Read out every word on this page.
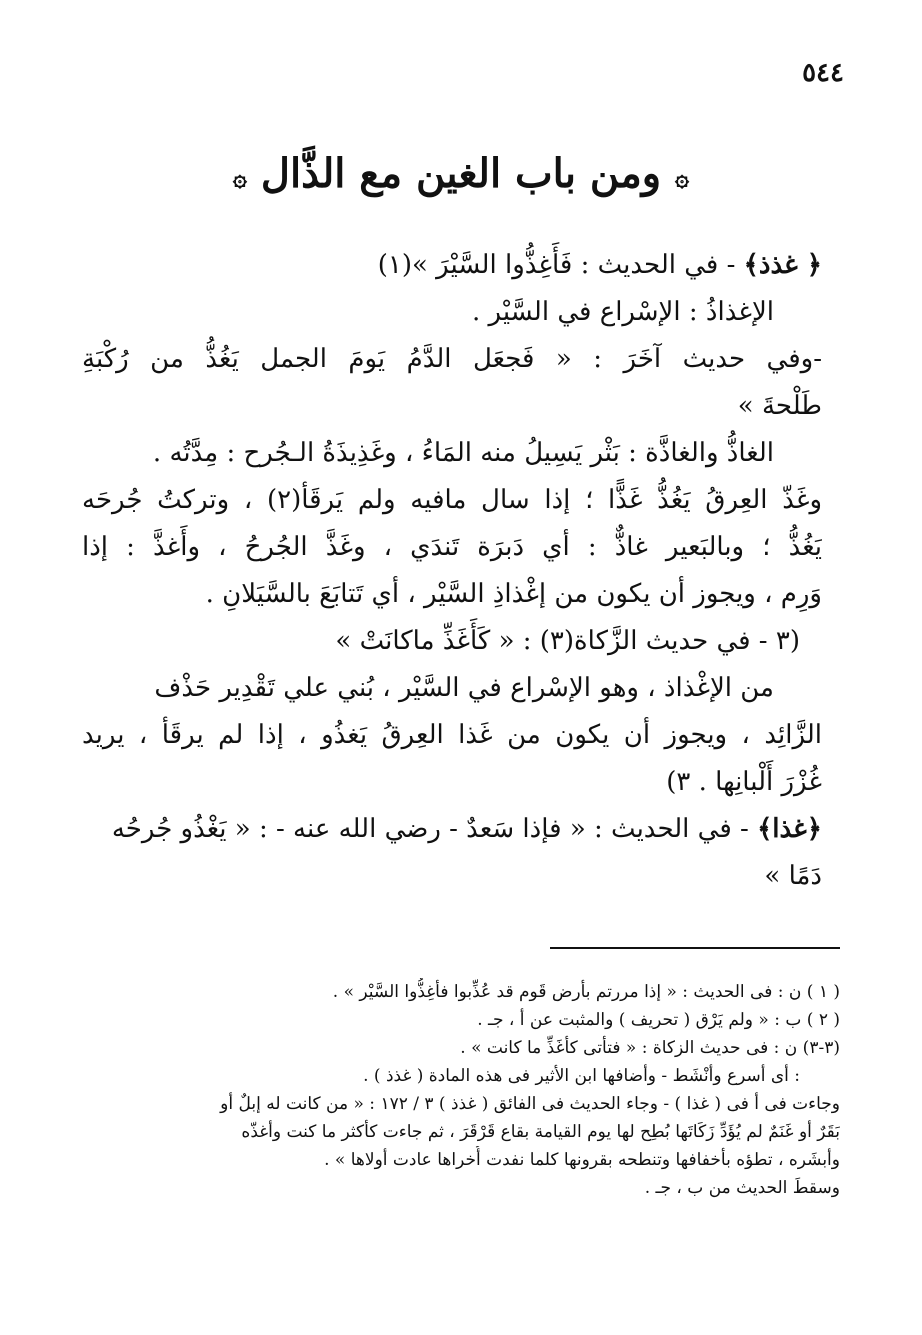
٥٤٤
۞ ومن باب الغين مع الذَّال ۞
﴿ غذذ﴾ - في الحديث : فَأَغِذُّوا السَّيْرَ »(١)
الإغذاذُ : الإسْراع في السَّيْر .
-وفي حديث آخَرَ : « فَجعَل الدَّمُ يَومَ الجمل يَغُذُّ من رُكْبَةِ
طَلْحةَ »
الغاذُّ والغاذَّة : بَثْر يَسِيلُ منه المَاءُ ، وغَذِيذَةُ الـجُرح : مِدَّتُه .
وغَذّ العِرقُ يَغُذُّ غَذًّا ؛ إذا سال مافيه ولم يَرقَأ(٢) ، وتركتُ جُرحَه
يَغُذُّ ؛ وبالبَعير غاذٌّ : أي دَبرَة تَندَي ، وغَذَّ الجُرحُ ، وأَغذَّ : إذا
وَرِم ، ويجوز أن يكون من إغْذاذِ السَّيْر ، أي تَتابَعَ بالسَّيَلانِ .
(٣ - في حديث الزَّكاة(٣) : « كَأَغَذِّ ماكانَتْ »
من الإغْذاذ ، وهو الإسْراع في السَّيْر ، بُني علي تَقْدِير حَذْف
الزَّائِد ، ويجوز أن يكون من غَذا العِرقُ يَغذُو ، إذا لم يرقَأ ، يريد
غُزْرَ أَلْبانِها . ٣)
﴿غذا﴾ - في الحديث : « فإذا سَعدٌ - رضي الله عنه - : « يَغْذُو جُرحُه
دَمًا »
( ١ ) ن : فى الحديث : « إذا مررتم بأرض قَوم قد عُذِّبوا فأغِذُّوا السَّيْر » .
( ٢ ) ب : « ولم يَرْق ( تحريف ) والمثبت عن أ ، جـ .
(٣-٣) ن : فى حديث الزكاة : « فتأتى كأغَذِّ ما كانت » .
: أى أسرع وأنْشَط - وأضافها ابن الأثير فى هذه المادة ( غذذ ) .
وجاءت فى أ فى ( غذا ) - وجاء الحديث فى الفائق ( غذذ ) ٣ / ١٧٢ : « من كانت له إبلٌ أو
بَقَرٌ أو غَنَمٌ لم يُؤَدِّ زَكَاتَها بُطِح لها يوم القيامة بقاع قَرْقَرَ ، ثم جاءت كأكثر ما كنت وأغذّه
وأبشَره ، تطؤه بأخفافها وتنطحه بقرونها كلما نفدت أُخراها عادت أولاها » .
وسقطَ الحديث من ب ، جـ .
